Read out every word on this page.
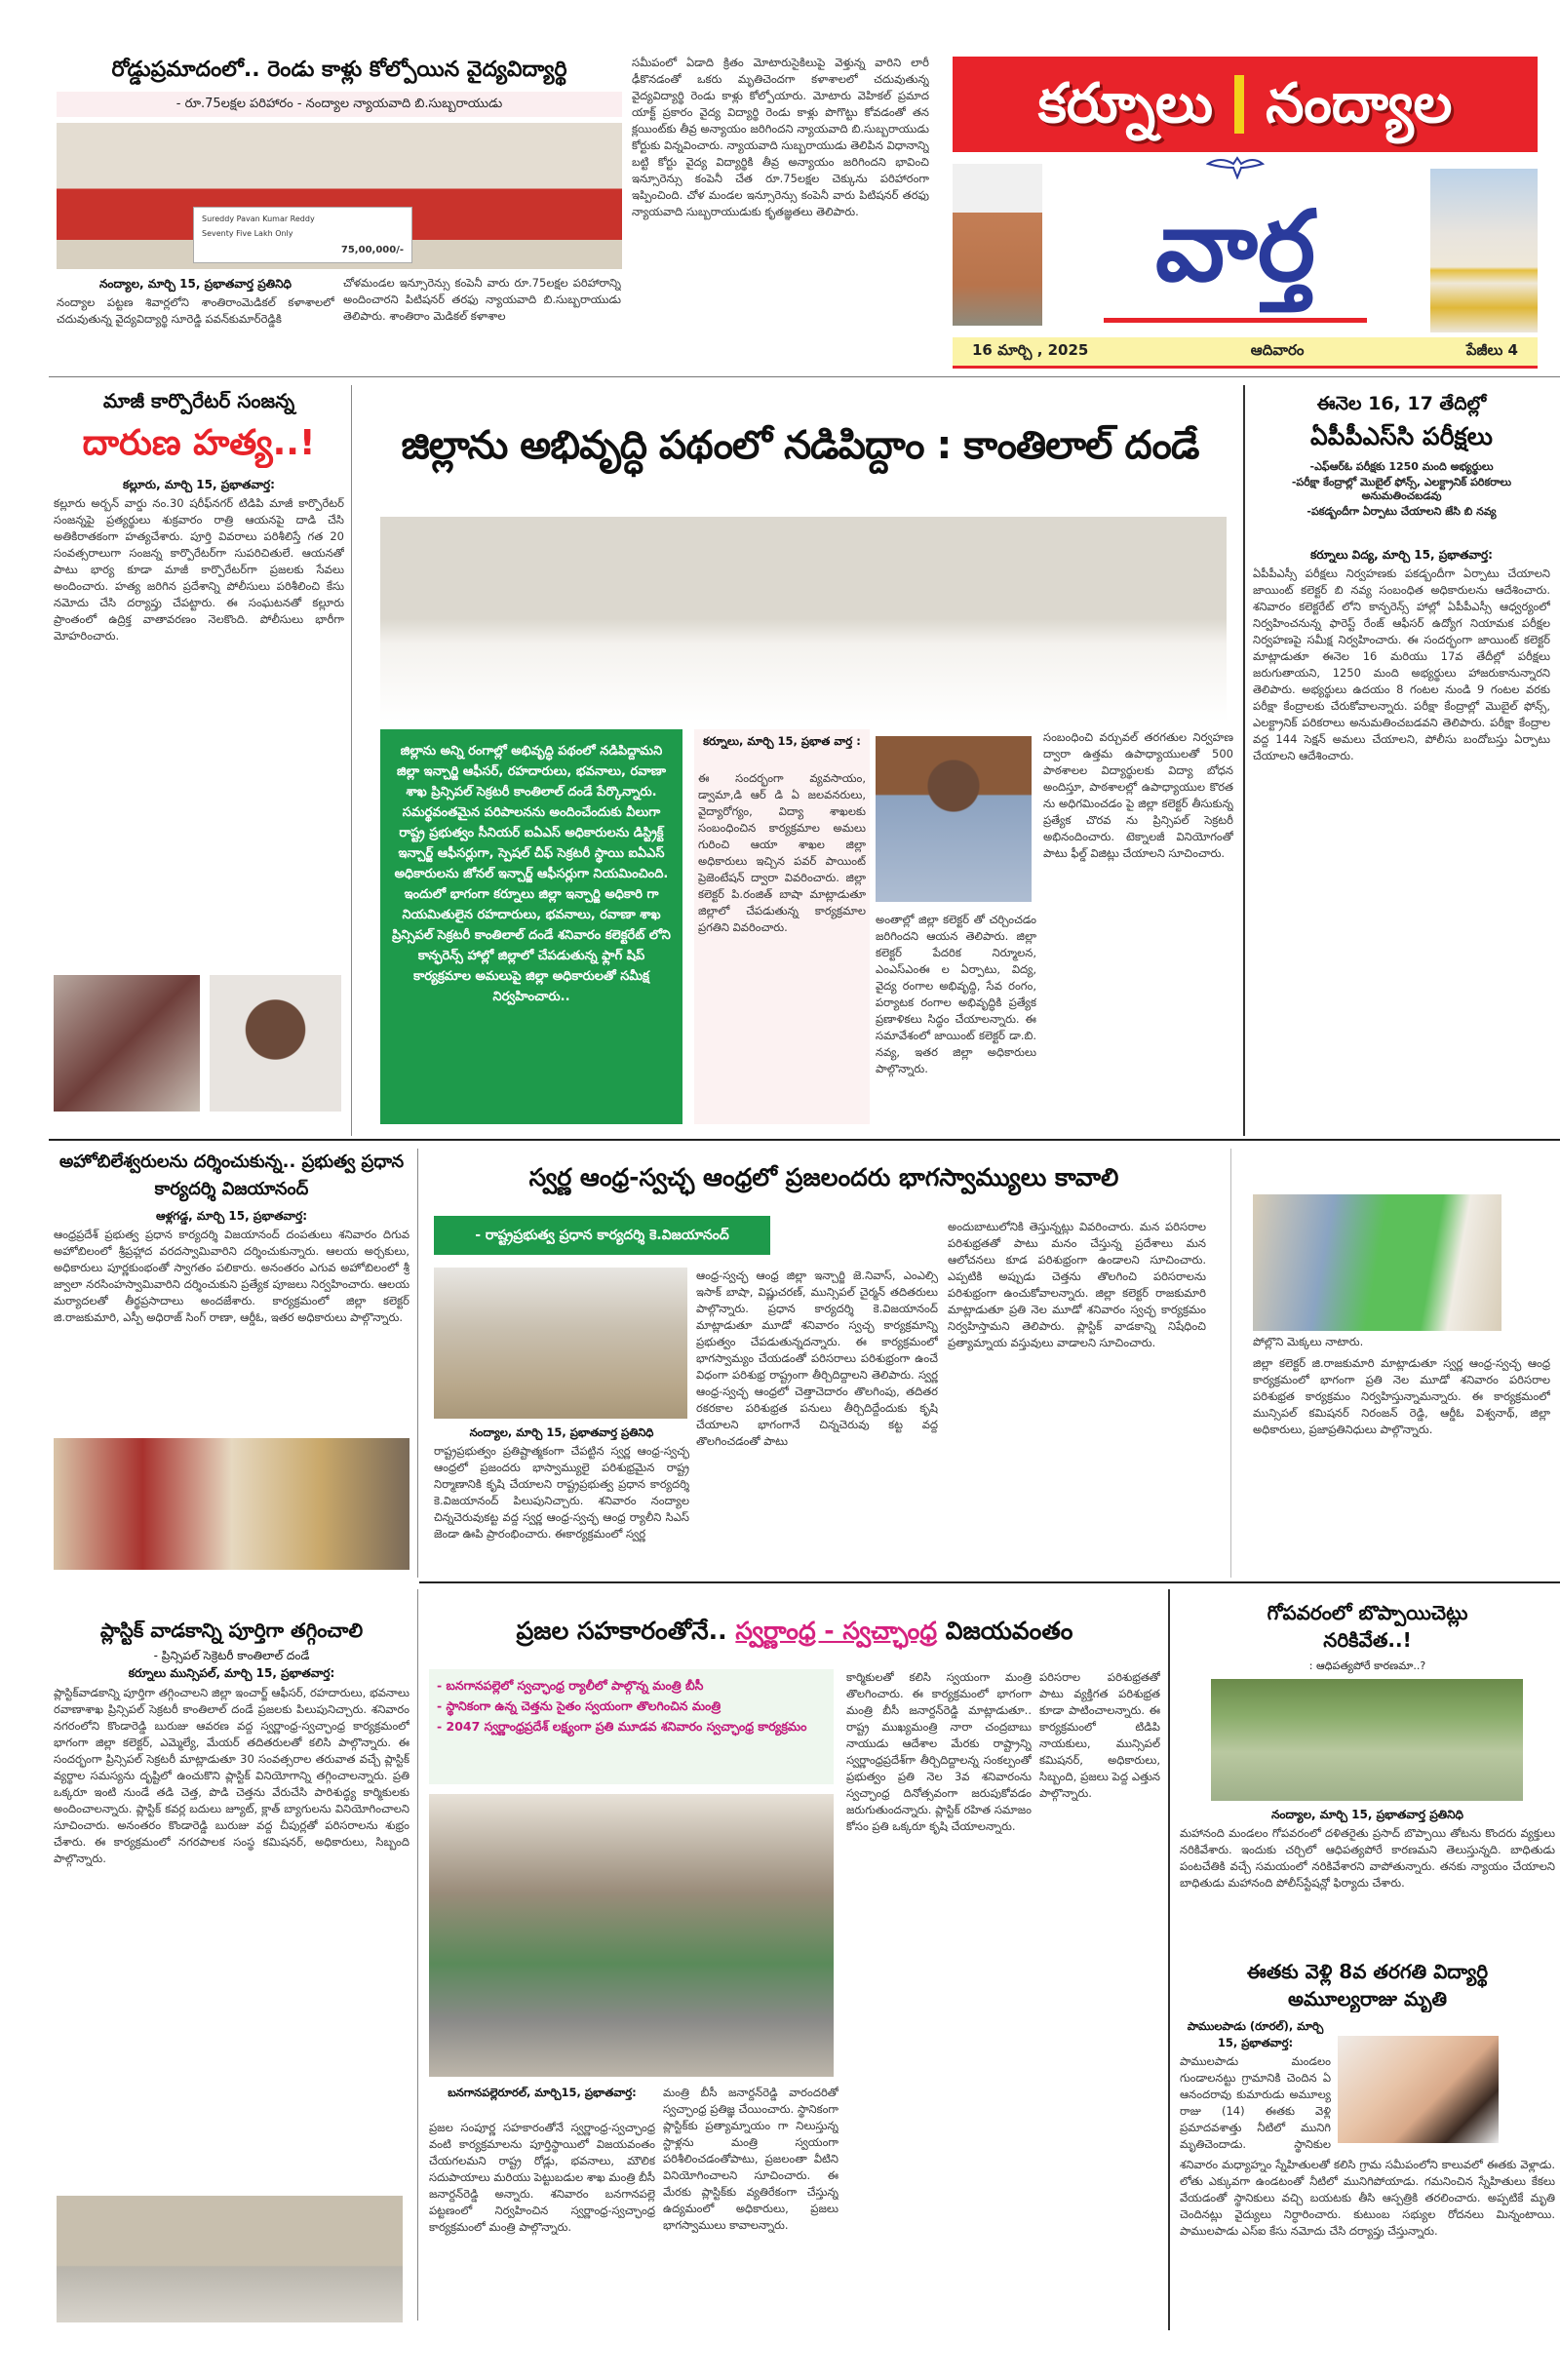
కర్నూలు నంద్యాల
వార్త
16 మార్చి , 2025	ఆదివారం	పేజీలు 4
రోడ్డుప్రమాదంలో.. రెండు కాళ్లు కోల్పోయిన వైద్యవిద్యార్థి
- రూ.75లక్షల పరిహారం - నంద్యాల న్యాయవాది బి.సుబ్బరాయుడు
Sureddy Pavan Kumar Reddy
Seventy Five Lakh Only
75,00,000/-
నంద్యాల, మార్చి 15, ప్రభాతవార్త ప్రతినిధి
నంద్యాల పట్టణ శివార్లలోని శాంతిరాంమెడికల్ కళాశాలలో చదువుతున్న వైద్యవిద్యార్థి సూరెడ్డి పవన్‌కుమార్‌రెడ్డికి
చోళమండల ఇన్సూరెన్సు కంపెనీ వారు రూ.75లక్షల పరిహారాన్ని అందించారని పిటిషనర్ తరఫు న్యాయవాది బి.సుబ్బరాయుడు తెలిపారు. శాంతిరాం మెడికల్ కళాశాల
సమీపంలో ఏడాది క్రితం మోటారుసైకిలుపై వెళ్తున్న వారిని లారీ ఢీకొనడంతో ఒకరు మృతిచెందగా కళాశాలలో చదువుతున్న వైద్యవిద్యార్థి రెండు కాళ్లు కోల్పోయారు. మోటారు వెహికల్ ప్రమాద యాక్ట్ ప్రకారం వైద్య విద్యార్థి రెండు కాళ్లు పొగొట్టు కోవడంతో తన క్లయింట్‌కు తీవ్ర అన్యాయం జరిగిందని న్యాయవాది బి.సుబ్బరాయుడు కోర్టుకు విన్నవించారు. న్యాయవాది సుబ్బరాయుడు తెలిపిన విధానాన్ని బట్టి కోర్టు వైద్య విద్యార్థికి తీవ్ర అన్యాయం జరిగిందని భావించి ఇన్సూరెన్సు కంపెనీ చేత రూ.75లక్షల చెక్కును పరిహారంగా ఇప్పించింది. చోళ మండల ఇన్సూరెన్సు కంపెనీ వారు పిటిషనర్ తరఫు న్యాయవాది సుబ్బరాయుడుకు కృతజ్ఞతలు తెలిపారు.
మాజీ కార్పొరేటర్ సంజన్న
దారుణ హత్య..!
కల్లూరు, మార్చి 15, ప్రభాతవార్త:
కల్లూరు అర్బన్ వార్డు నం.30 షరీఫ్‌నగర్ టిడిపి మాజీ కార్పొరేటర్ సంజన్నపై ప్రత్యర్థులు శుక్రవారం రాత్రి ఆయనపై దాడి చేసి అతికిరాతకంగా హత్యచేశారు. పూర్తి వివరాలు పరిశీలిస్తే గత 20 సంవత్సరాలుగా సంజన్న కార్పొరేటర్‌గా సుపరిచితులే. ఆయనతో పాటు భార్య కూడా మాజీ కార్పొరేటర్‌గా ప్రజలకు సేవలు అందించారు. హత్య జరిగిన ప్రదేశాన్ని పోలీసులు పరిశీలించి కేసు నమోదు చేసి దర్యాప్తు చేపట్టారు. ఈ సంఘటనతో కల్లూరు ప్రాంతంలో ఉద్రిక్త వాతావరణం నెలకొంది. పోలీసులు భారీగా మోహరించారు.
జిల్లాను అభివృద్ధి పథంలో నడిపిద్దాం : కాంతిలాల్ దండే
జిల్లాను అన్ని రంగాల్లో అభివృద్ధి పథంలో నడిపిద్దామని జిల్లా ఇన్చార్జి ఆఫీసర్, రహదారులు, భవనాలు, రవాణా శాఖ ప్రిన్సిపల్ సెక్రటరీ కాంతిలాల్ దండే పేర్కొన్నారు. సమర్థవంతమైన పరిపాలనను అందించేందుకు వీలుగా రాష్ట్ర ప్రభుత్వం సీనియర్ ఐఏఎస్ అధికారులను డిస్ట్రిక్ట్ ఇన్చార్జ్ ఆఫీసర్లుగా, స్పెషల్ చీఫ్ సెక్రటరీ స్థాయి ఐఏఎస్ అధికారులను జోనల్ ఇన్చార్జ్ ఆఫీసర్లుగా నియమించింది. ఇందులో భాగంగా కర్నూలు జిల్లా ఇన్చార్జి అధికారి గా నియమితులైన రహదారులు, భవనాలు, రవాణా శాఖ ప్రిన్సిపల్ సెక్రటరీ కాంతిలాల్ దండే శనివారం కలెక్టరేట్ లోని కాన్ఫరెన్స్ హాల్లో జిల్లాలో చేపడుతున్న ఫ్లాగ్ షిప్ కార్యక్రమాల అమలుపై జిల్లా అధికారులతో సమీక్ష నిర్వహించారు..
కర్నూలు, మార్చి 15, ప్రభాత వార్త :
ఈ సందర్భంగా వ్యవసాయం, డ్వామా,డి ఆర్ డి ఏ జలవనరులు, వైద్యారోగ్యం, విద్యా శాఖలకు సంబంధించిన కార్యక్రమాల అమలు గురించి ఆయా శాఖల జిల్లా అధికారులు ఇచ్చిన పవర్ పాయింట్ ప్రెజెంటేషన్ ద్వారా వివరించారు. జిల్లా కలెక్టర్ పి.రంజిత్ బాషా మాట్లాడుతూ జిల్లాలో చేపడుతున్న కార్యక్రమాల ప్రగతిని వివరించారు.
అంతాల్లో జిల్లా కలెక్టర్ తో చర్చించడం జరిగిందని ఆయన తెలిపారు. జిల్లా కలెక్టర్ పేదరిక నిర్మూలన, ఎంఎస్ఎంఈ ల ఏర్పాటు, విద్య, వైద్య రంగాల అభివృద్ధి, సేవ రంగం, పర్యాటక రంగాల అభివృద్ధికి ప్రత్యేక ప్రణాళికలు సిద్ధం చేయాలన్నారు. ఈ సమావేశంలో జాయింట్ కలెక్టర్ డా.బి. నవ్య, ఇతర జిల్లా అధికారులు పాల్గొన్నారు.
సంబంధించి వర్చువల్ తరగతుల నిర్వహణ ద్వారా ఉత్తమ ఉపాధ్యాయులతో 500 పాఠశాలల విద్యార్థులకు విద్యా బోధన అందిస్తూ, పాఠశాలల్లో ఉపాధ్యాయుల కొరత ను అధిగమించడం పై జిల్లా కలెక్టర్ తీసుకున్న ప్రత్యేక చొరవ ను ప్రిన్సిపల్ సెక్రటరీ అభినందించారు. టెక్నాలజీ వినియోగంతో పాటు ఫీల్డ్ విజిట్లు చేయాలని సూచించారు.
ఈనెల 16, 17 తేదిల్లో
ఏపీపీఎస్‌సి పరీక్షలు
-ఎఫ్ఆర్ఓ పరీక్షకు 1250 మంది అభ్యర్థులు
-పరీక్షా కేంద్రాల్లో మొబైల్ ఫోన్స్, ఎలక్ట్రానిక్ పరికరాలు అనుమతించబడవు
-పకడ్బందీగా ఏర్పాటు చేయాలని జేసి బి నవ్య
కర్నూలు విద్య, మార్చి 15, ప్రభాతవార్త:
ఏపీపీఎస్సీ పరీక్షలు నిర్వహణకు పకడ్బందీగా ఏర్పాటు చేయాలని జాయింట్ కలెక్టర్ బి నవ్య సంబంధిత అధికారులను ఆదేశించారు. శనివారం కలెక్టరేట్ లోని కాన్ఫరెన్స్ హాల్లో ఏపీపీఎస్సీ ఆధ్వర్యంలో నిర్వహించనున్న ఫారెస్ట్ రేంజ్ ఆఫీసర్ ఉద్యోగ నియామక పరీక్షల నిర్వహణపై సమీక్ష నిర్వహించారు. ఈ సందర్భంగా జాయింట్ కలెక్టర్ మాట్లాడుతూ ఈనెల 16 మరియు 17వ తేదీల్లో పరీక్షలు జరుగుతాయని, 1250 మంది అభ్యర్థులు హాజరుకానున్నారని తెలిపారు. అభ్యర్థులు ఉదయం 8 గంటల నుండి 9 గంటల వరకు పరీక్షా కేంద్రాలకు చేరుకోవాలన్నారు. పరీక్షా కేంద్రాల్లో మొబైల్ ఫోన్స్, ఎలక్ట్రానిక్ పరికరాలు అనుమతించబడవని తెలిపారు. పరీక్షా కేంద్రాల వద్ద 144 సెక్షన్ అమలు చేయాలని, పోలీసు బందోబస్తు ఏర్పాటు చేయాలని ఆదేశించారు.
అహోబిలేశ్వరులను దర్శించుకున్న.. ప్రభుత్వ ప్రధాన కార్యదర్శి విజయానంద్
ఆళ్లగడ్డ, మార్చి 15, ప్రభాతవార్త:
ఆంధ్రప్రదేశ్ ప్రభుత్వ ప్రధాన కార్యదర్శి విజయానంద్ దంపతులు శనివారం దిగువ అహోబిలంలో శ్రీప్రహ్లాద వరదస్వామివారిని దర్శించుకున్నారు. ఆలయ అర్చకులు, అధికారులు పూర్ణకుంభంతో స్వాగతం పలికారు. అనంతరం ఎగువ అహోబిలంలో శ్రీ జ్వాలా నరసింహస్వామివారిని దర్శించుకుని ప్రత్యేక పూజలు నిర్వహించారు. ఆలయ మర్యాదలతో తీర్థప్రసాదాలు అందజేశారు. కార్యక్రమంలో జిల్లా కలెక్టర్ జి.రాజకుమారి, ఎస్పీ అధిరాజ్ సింగ్ రాణా, ఆర్డీఓ, ఇతర అధికారులు పాల్గొన్నారు.
స్వర్ణ ఆంధ్ర-స్వచ్ఛ ఆంధ్రలో ప్రజలందరు భాగస్వామ్యులు కావాలి
- రాష్ట్రప్రభుత్వ ప్రధాన కార్యదర్శి కె.విజయానంద్
నంద్యాల, మార్చి 15, ప్రభాతవార్త ప్రతినిధి
రాష్ట్రప్రభుత్వం ప్రతిష్టాత్మకంగా చేపట్టిన స్వర్ణ ఆంధ్ర-స్వచ్ఛ ఆంధ్రలో ప్రజందరు భాస్వామ్యులై పరిశుభ్రమైన రాష్ట్ర నిర్మాణానికి కృషి చేయాలని రాష్ట్రప్రభుత్వ ప్రధాన కార్యదర్శి కె.విజయానంద్ పిలుపునిచ్చారు. శనివారం నంద్యాల చిన్నచెరువుకట్ట వద్ద స్వర్ణ ఆంధ్ర-స్వచ్ఛ ఆంధ్ర ర్యాలీని సిఎస్ జెండా ఊపి ప్రారంభించారు. ఈకార్యక్రమంలో స్వర్ణ
ఆంధ్ర-స్వచ్ఛ ఆంధ్ర జిల్లా ఇన్చార్జి జె.నివాస్, ఎంఎల్సి ఇసాక్ బాషా, విష్ణుచరణ్, మున్సిపల్ చైర్మన్ తదితరులు పాల్గొన్నారు. ప్రధాన కార్యదర్శి కె.విజయానంద్ మాట్లాడుతూ మూడో శనివారం స్వచ్ఛ కార్యక్రమాన్ని ప్రభుత్వం చేపడుతున్నదన్నారు. ఈ కార్యక్రమంలో భాగస్వామ్యం చేయడంతో పరిసరాలు పరిశుభ్రంగా ఉంచే విధంగా పరిశుభ్ర రాష్ట్రంగా తీర్చిదిద్దాలని తెలిపారు. స్వర్ణ ఆంధ్ర-స్వచ్ఛ ఆంధ్రలో చెత్తాచెదారం తొలగింపు, తదితర రకరకాల పరిశుభ్రత పనులు తీర్చిదిద్దేందుకు కృషి చేయాలని భాగంగానే చిన్నచెరువు కట్ట వద్ద తొలగించడంతో పాటు
అందుబాటులోనికి తెస్తున్నట్లు వివరించారు. మన పరిసరాల పరిశుభ్రతతో పాటు మనం చేస్తున్న ప్రదేశాలు మన ఆలోచనలు కూడ పరిశుభ్రంగా ఉండాలని సూచించారు. ఎప్పటికి అప్పుడు చెత్తను తొలగించి పరిసరాలను పరిశుభ్రంగా ఉంచుకోవాలన్నారు. జిల్లా కలెక్టర్ రాజకుమారి మాట్లాడుతూ ప్రతి నెల మూడో శనివారం స్వచ్ఛ కార్యక్రమం నిర్వహిస్తామని తెలిపారు. ప్లాస్టిక్ వాడకాన్ని నిషేధించి ప్రత్యామ్నాయ వస్తువులు వాడాలని సూచించారు.	పోల్లొని వెుక్కలు నాటారు.
జిల్లా కలెక్టర్ జి.రాజకుమారి మాట్లాడుతూ స్వర్ణ ఆంధ్ర-స్వచ్ఛ ఆంధ్ర కార్యక్రమంలో భాగంగా ప్రతి నెల మూడో శనివారం పరిసరాల పరిశుభ్రత కార్యక్రమం నిర్వహిస్తున్నామన్నారు. ఈ కార్యక్రమంలో మున్సిపల్ కమిషనర్ నిరంజన్ రెడ్డి, ఆర్డీఓ విశ్వనాథ్, జిల్లా అధికారులు, ప్రజాప్రతినిధులు పాల్గొన్నారు.
ప్లాస్టిక్ వాడకాన్ని పూర్తిగా తగ్గించాలి
- ప్రిన్సిపల్ సెక్రెటరీ కాంతిలాల్ దండే
కర్నూలు మున్సిపల్, మార్చి 15, ప్రభాతవార్త:
ప్లాస్టిక్‌వాడకాన్ని పూర్తిగా తగ్గించాలని జిల్లా ఇంచార్జ్ ఆఫీసర్, రహదారులు, భవనాలు రవాణాశాఖ ప్రిన్సిపల్ సెక్రటరీ కాంతిలాల్ దండే ప్రజలకు పిలుపునిచ్చారు. శనివారం నగరంలోని కొండారెడ్డి బురుజు ఆవరణ వద్ద స్వర్ణాంధ్ర-స్వచ్ఛాంధ్ర కార్యక్రమంలో భాగంగా జిల్లా కలెక్టర్, ఎమ్మెల్యే, మేయర్ తదితరులతో కలిసి పాల్గొన్నారు. ఈ సందర్భంగా ప్రిన్సిపల్ సెక్రటరీ మాట్లాడుతూ 30 సంవత్సరాల తరువాత వచ్చే ప్లాస్టిక్ వ్యర్థాల సమస్యను దృష్టిలో ఉంచుకొని ప్లాస్టిక్ వినియోగాన్ని తగ్గించాలన్నారు. ప్రతి ఒక్కరూ ఇంటి నుండే తడి చెత్త, పొడి చెత్తను వేరుచేసి పారిశుద్ధ్య కార్మికులకు అందించాలన్నారు. ప్లాస్టిక్ కవర్ల బదులు జ్యూట్, క్లాత్ బ్యాగులను వినియోగించాలని సూచించారు. అనంతరం కొండారెడ్డి బురుజు వద్ద చీపుర్లతో పరిసరాలను శుభ్రం చేశారు. ఈ కార్యక్రమంలో నగరపాలక సంస్థ కమిషనర్, అధికారులు, సిబ్బంది పాల్గొన్నారు.
ప్రజల సహకారంతోనే.. స్వర్ణాంధ్ర - స్వచ్ఛాంధ్ర విజయవంతం
- బనగానపల్లెలో స్వచ్ఛాంధ్ర ర్యాలీలో పాల్గొన్న మంత్రి బీసీ
- స్థానికంగా ఉన్న చెత్తను సైతం స్వయంగా తొలగించిన మంత్రి
- 2047 స్వర్ణాంధ్రప్రదేశ్ లక్ష్యంగా ప్రతి మూడవ శనివారం స్వచ్ఛాంధ్ర కార్యక్రమం
బనగానపల్లెరూరల్, మార్చి15, ప్రభాతవార్త:
ప్రజల సంపూర్ణ సహకారంతోనే స్వర్ణాంధ్ర-స్వచ్ఛాంధ్ర వంటి కార్యక్రమాలను పూర్తిస్థాయిలో విజయవంతం చేయగలమని రాష్ట్ర రోడ్లు, భవనాలు, మౌలిక సదుపాయాలు మరియు పెట్టుబడుల శాఖ మంత్రి బీసీ జనార్దన్‌రెడ్డి అన్నారు. శనివారం బనగానపల్లె పట్టణంలో నిర్వహించిన స్వర్ణాంధ్ర-స్వచ్ఛాంధ్ర కార్యక్రమంలో మంత్రి పాల్గొన్నారు.
మంత్రి బీసీ జనార్దన్‌రెడ్డి వారందరితో స్వచ్ఛాంధ్ర ప్రతిజ్ఞ చేయించారు. స్థానికంగా ప్లాస్టిక్‌కు ప్రత్యామ్నాయం గా నిలుస్తున్న స్టాళ్లను మంత్రి స్వయంగా పరిశీలించడంతోపాటు, ప్రజలంతా వీటిని వినియోగించాలని సూచించారు. ఈ మేరకు ప్లాస్టిక్‌కు వ్యతిరేకంగా చేస్తున్న ఉద్యమంలో అధికారులు, ప్రజలు భాగస్వాములు కావాలన్నారు.
కార్మికులతో కలిసి స్వయంగా మంత్రి తొలగించారు. ఈ కార్యక్రమంలో భాగంగా మంత్రి బీసీ జనార్దన్‌రెడ్డి మాట్లాడుతూ.. రాష్ట్ర ముఖ్యమంత్రి నారా చంద్రబాబు నాయుడు ఆదేశాల మేరకు రాష్ట్రాన్ని స్వర్ణాంధ్రప్రదేశ్‌గా తీర్చిదిద్దాలన్న సంకల్పంతో ప్రభుత్వం ప్రతి నెల 3వ శనివారంను స్వచ్ఛాంధ్ర దినోత్సవంగా జరుపుకోవడం జరుగుతుందన్నారు. ప్లాస్టిక్ రహిత సమాజం కోసం ప్రతి ఒక్కరూ కృషి చేయాలన్నారు.
పరిసరాల పరిశుభ్రతతో పాటు వ్యక్తిగత పరిశుభ్రత కూడా పాటించాలన్నారు. ఈ కార్యక్రమంలో టిడిపి నాయకులు, మున్సిపల్ కమిషనర్, అధికారులు, సిబ్బంది, ప్రజలు పెద్ద ఎత్తున పాల్గొన్నారు.
గోపవరంలో బొప్పాయిచెట్లు నరికివేత..!
: ఆధిపత్యపోరే కారణమా..?
నంద్యాల, మార్చి 15, ప్రభాతవార్త ప్రతినిధి
మహానంది మండలం గోపవరంలో దళితరైతు ప్రసాద్ బొప్పాయి తోటను కొందరు వ్యక్తులు నరికివేశారు. ఇందుకు చర్చిలో ఆధిపత్యపోరే కారణమని తెలుస్తున్నది. బాధితుడు పంటచేతికి వచ్చే సమయంలో నరికివేశారని వాపోతున్నారు. తనకు న్యాయం చేయాలని బాధితుడు మహానంది పోలీస్‌స్టేషన్లో ఫిర్యాదు చేశారు.
ఈతకు వెళ్లి 8వ తరగతి విద్యార్థి అమూల్యరాజు మృతి
పాములపాడు (రూరల్), మార్చి 15, ప్రభాతవార్త:
పాములపాడు మండలం గుండాలనట్టు గ్రామానికి చెందిన ఏ ఆనందరావు కుమారుడు అమూల్య రాజు (14) ఈతకు వెళ్లి ప్రమాదవశాత్తు నీటిలో మునిగి మృతిచెందాడు. స్థానికుల
శనివారం మధ్యాహ్నం స్నేహితులతో కలిసి గ్రామ సమీపంలోని కాలువలో ఈతకు వెళ్లాడు. లోతు ఎక్కువగా ఉండటంతో నీటిలో మునిగిపోయాడు. గమనించిన స్నేహితులు కేకలు వేయడంతో స్థానికులు వచ్చి బయటకు తీసి ఆస్పత్రికి తరలించారు. అప్పటికే మృతి చెందినట్లు వైద్యులు నిర్ధారించారు. కుటుంబ సభ్యుల రోదనలు మిన్నంటాయి. పాములపాడు ఎస్ఐ కేసు నమోదు చేసి దర్యాప్తు చేస్తున్నారు.
